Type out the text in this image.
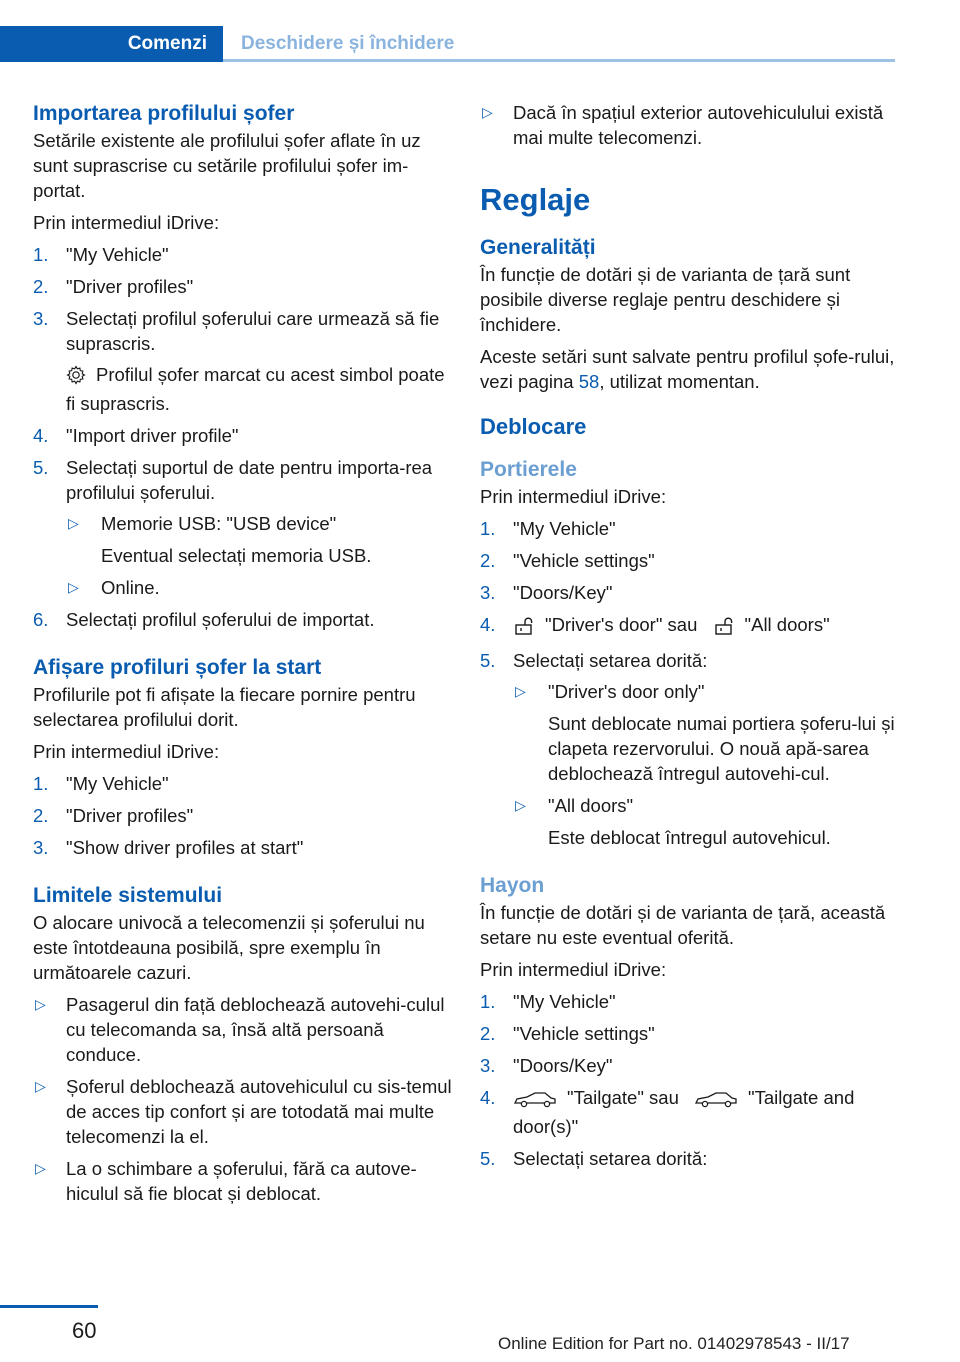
Comenzi	Deschidere și închidere
Importarea profilului șofer

Setările existente ale profilului șofer aflate în uz sunt suprascrise cu setările profilului șofer im‐portat.

Prin intermediul iDrive:

1. "My Vehicle"
2. "Driver profiles"
3. Selectați profilul șoferului care urmează să fie suprascris.

Profilul șofer marcat cu acest simbol poate fi suprascris.

4. "Import driver profile"
5. Selectați suportul de date pentru importa‐rea profilului șoferului.
▷ Memorie USB: "USB device"
Eventual selectați memoria USB.
▷ Online.
6. Selectați profilul șoferului de importat.
Afișare profiluri șofer la start

Profilurile pot fi afișate la fiecare pornire pentru selectarea profilului dorit.

Prin intermediul iDrive:

1. "My Vehicle"
2. "Driver profiles"
3. "Show driver profiles at start"
Limitele sistemului

O alocare univocă a telecomenzii și șoferului nu este întotdeauna posibilă, spre exemplu în următoarele cazuri.

▷ Pasagerul din față deblochează autovehi‐culul cu telecomanda sa, însă altă persoană conduce.
▷ Șoferul deblochează autovehiculul cu sis‐temul de acces tip confort și are totodată mai multe telecomenzi la el.
▷ La o schimbare a șoferului, fără ca autove‐hiculul să fie blocat și deblocat.
▷ Dacă în spațiul exterior autovehiculului există mai multe telecomenzi.
Reglaje
Generalități

În funcție de dotări și de varianta de țară sunt posibile diverse reglaje pentru deschidere și închidere.

Aceste setări sunt salvate pentru profilul șofe‐rului, vezi pagina 58, utilizat momentan.

Deblocare
Portierele

Prin intermediul iDrive:

1. "My Vehicle"
2. "Vehicle settings"
3. "Doors/Key"
4.	"Driver's door" sau	"All doors"
5. Selectați setarea dorită:
▷ "Driver's door only"
Sunt deblocate numai portiera șoferu‐lui și clapeta rezervorului. O nouă apă‐sarea deblochează întregul autovehi‐cul.
▷ "All doors"
Este deblocat întregul autovehicul.
Hayon

În funcție de dotări și de varianta de țară, această setare nu este eventual oferită.

Prin intermediul iDrive:

1. "My Vehicle"
2. "Vehicle settings"
3. "Doors/Key"
4.	"Tailgate" sau	"Tailgate and door(s)"
5. Selectați setarea dorită:
60
Online Edition for Part no. 01402978543 - II/17
